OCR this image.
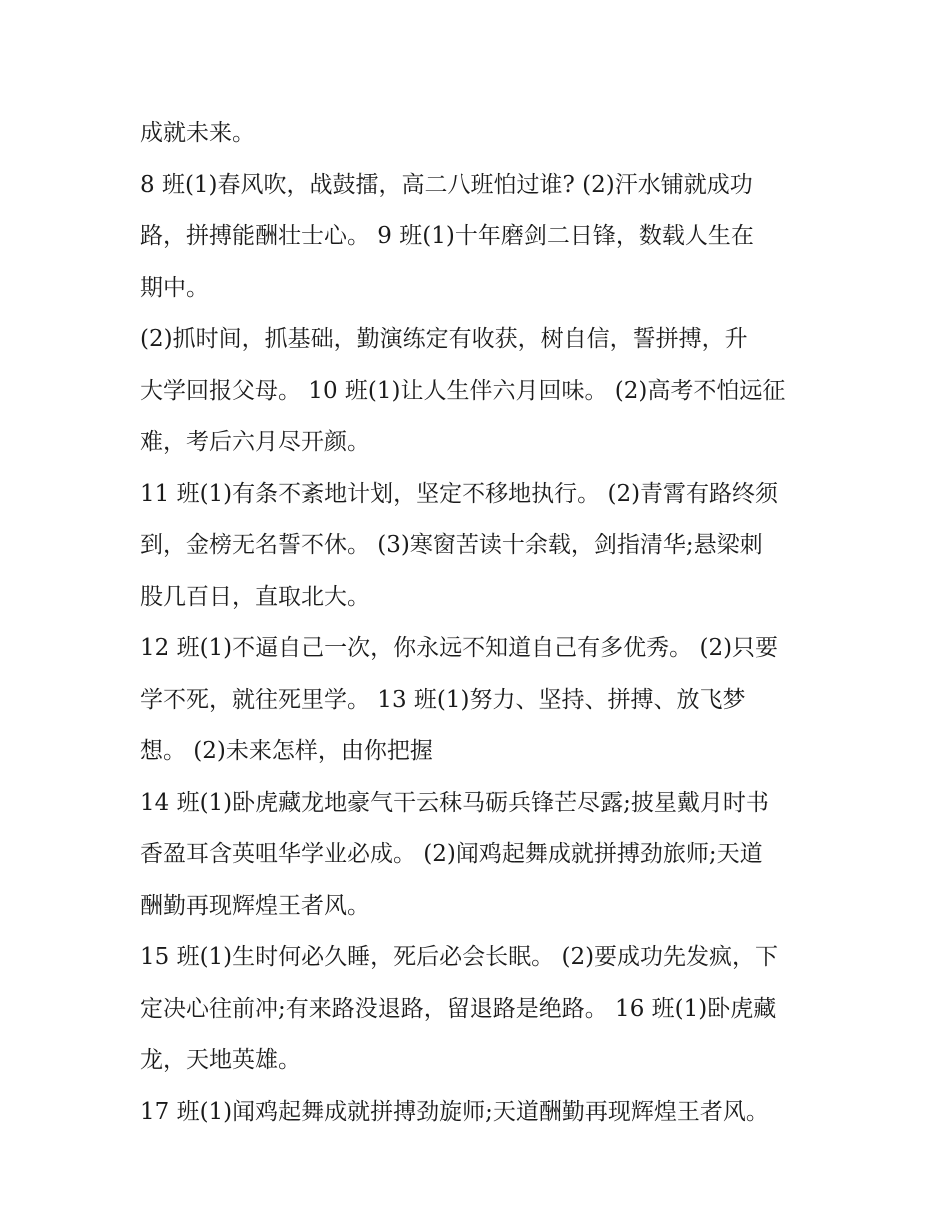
成就未来。
8 班(1)春风吹，战鼓擂，高二八班怕过谁? (2)汗水铺就成功
路，拼搏能酬壮士心。 9 班(1)十年磨剑二日锋，数载人生在
期中。
(2)抓时间，抓基础，勤演练定有收获，树自信，誓拼搏，升
大学回报父母。 10 班(1)让人生伴六月回味。 (2)高考不怕远征
难，考后六月尽开颜。
11 班(1)有条不紊地计划，坚定不移地执行。 (2)青霄有路终须
到，金榜无名誓不休。 (3)寒窗苦读十余载，剑指清华;悬梁刺
股几百日，直取北大。
12 班(1)不逼自己一次，你永远不知道自己有多优秀。 (2)只要
学不死，就往死里学。 13 班(1)努力、坚持、拼搏、放飞梦
想。 (2)未来怎样，由你把握
14 班(1)卧虎藏龙地豪气干云秣马砺兵锋芒尽露;披星戴月时书
香盈耳含英咀华学业必成。 (2)闻鸡起舞成就拼搏劲旅师;天道
酬勤再现辉煌王者风。
15 班(1)生时何必久睡，死后必会长眠。 (2)要成功先发疯，下
定决心往前冲;有来路没退路，留退路是绝路。 16 班(1)卧虎藏
龙，天地英雄。
17 班(1)闻鸡起舞成就拼搏劲旋师;天道酬勤再现辉煌王者风。
